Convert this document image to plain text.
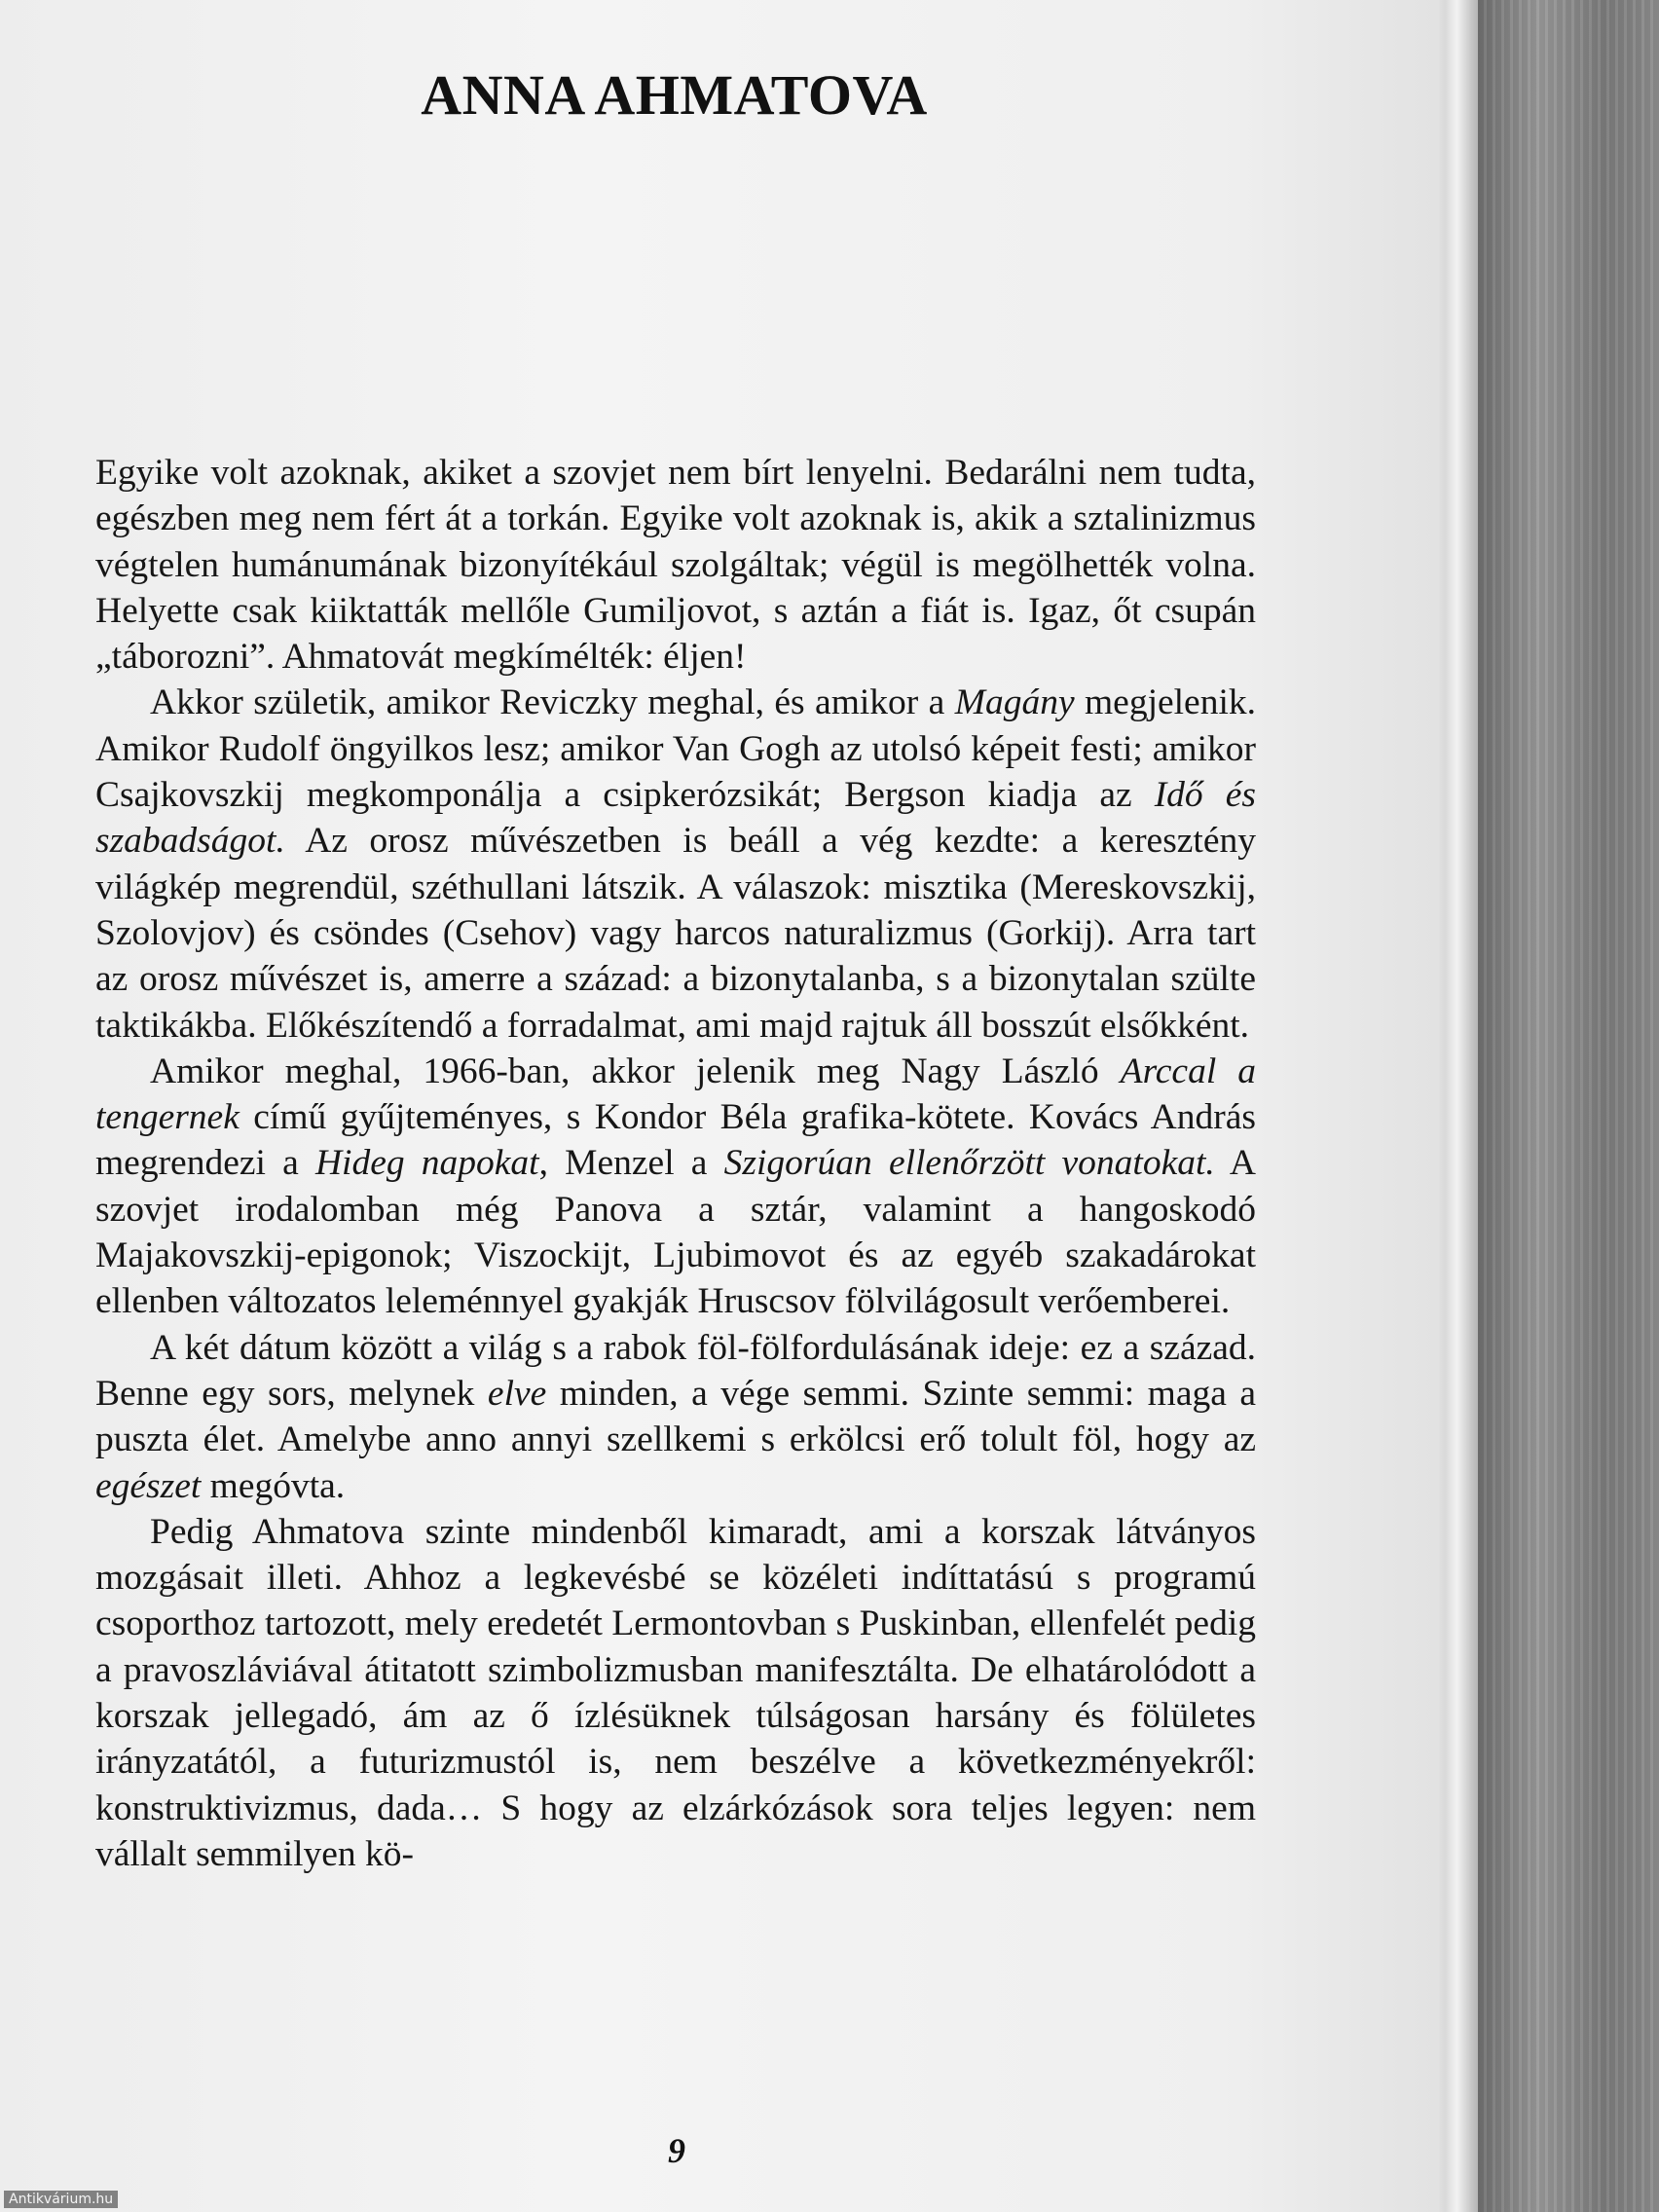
ANNA AHMATOVA

Egyike volt azoknak, akiket a szovjet nem bírt lenyelni. Bedarálni nem tudta, egészben meg nem fért át a torkán. Egyike volt azoknak is, akik a sztalinizmus végtelen humánumának bizonyítékául szolgáltak; végül is megölhették volna. Helyette csak kiiktatták mellőle Gumiljovot, s aztán a fiát is. Igaz, őt csupán „táborozni”. Ahmatovát megkímélték: éljen!

Akkor születik, amikor Reviczky meghal, és amikor a Magány megjelenik. Amikor Rudolf öngyilkos lesz; amikor Van Gogh az utolsó képeit festi; amikor Csajkovszkij megkomponálja a csipkerózsikát; Bergson kiadja az Idő és szabadságot. Az orosz művészetben is beáll a vég kezdte: a keresztény világkép megrendül, széthullani látszik. A válaszok: misztika (Mereskovszkij, Szolovjov) és csöndes (Csehov) vagy harcos naturalizmus (Gorkij). Arra tart az orosz művészet is, amerre a század: a bizonytalanba, s a bizonytalan szülte taktikákba. Előkészítendő a forradalmat, ami majd rajtuk áll bosszút elsőkként.

Amikor meghal, 1966-ban, akkor jelenik meg Nagy László Arccal a tengernek című gyűjteményes, s Kondor Béla grafika-kötete. Kovács András megrendezi a Hideg napokat, Menzel a Szigorúan ellenőrzött vonatokat. A szovjet irodalomban még Panova a sztár, valamint a hangoskodó Majakovszkij-epigonok; Viszockijt, Ljubimovot és az egyéb szakadárokat ellenben változatos leleménnyel gyakják Hruscsov fölvilágosult verőemberei.

A két dátum között a világ s a rabok föl-fölfordulásának ideje: ez a század. Benne egy sors, melynek elve minden, a vége semmi. Szinte semmi: maga a puszta élet. Amelybe anno annyi szellkemi s erkölcsi erő tolult föl, hogy az egészet megóvta.

Pedig Ahmatova szinte mindenből kimaradt, ami a korszak látványos mozgásait illeti. Ahhoz a legkevésbé se közéleti indíttatású s programú csoporthoz tartozott, mely eredetét Lermontovban s Puskinban, ellenfelét pedig a pravoszláviával átitatott szimbolizmusban manifesztálta. De elhatárolódott a korszak jellegadó, ám az ő ízlésüknek túlságosan harsány és fölületes irányzatától, a futurizmustól is, nem beszélve a következményekről: konstruktivizmus, dada… S hogy az elzárkózások sora teljes legyen: nem vállalt semmilyen kö-

9
Antikvárium.hu
